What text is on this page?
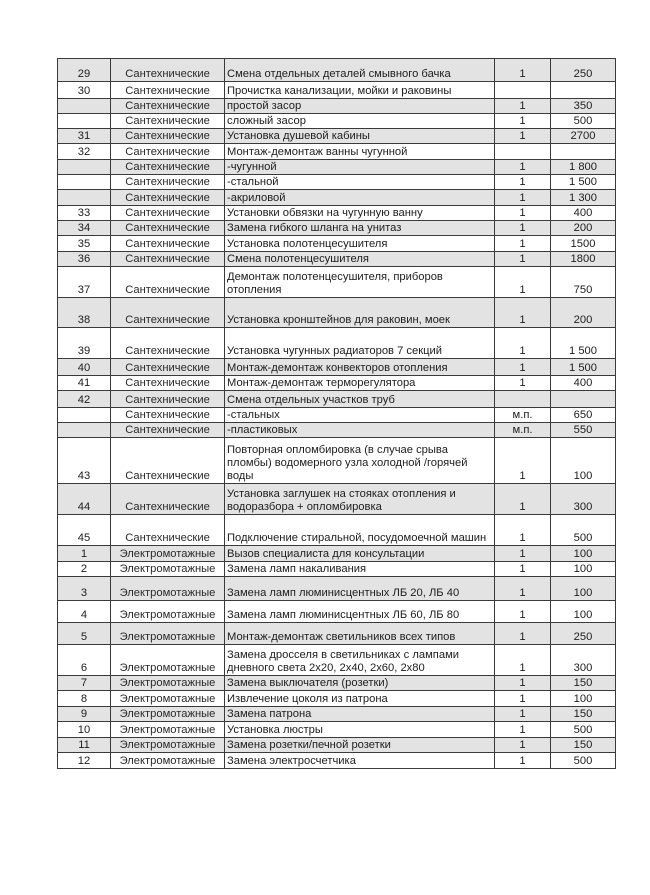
29	Сантехнические	Смена отдельных деталей смывного бачка	1	250
30	Сантехнические	Прочистка канализации, мойки и раковины		
	Сантехнические	простой засор	1	350
	Сантехнические	сложный засор	1	500
31	Сантехнические	Установка душевой кабины	1	2700
32	Сантехнические	Монтаж-демонтаж ванны чугунной		
	Сантехнические	-чугунной	1	1 800
	Сантехнические	-стальной	1	1 500
	Сантехнические	-акриловой	1	1 300
33	Сантехнические	Установки обвязки на чугунную ванну	1	400
34	Сантехнические	Замена гибкого шланга на унитаз	1	200
35	Сантехнические	Установка полотенцесушителя	1	1500
36	Сантехнические	Смена полотенцесушителя	1	1800
37	Сантехнические	Демонтаж полотенцесушителя, приборов отопления	1	750
38	Сантехнические	Установка кронштейнов для раковин, моек	1	200
39	Сантехнические	Установка чугунных радиаторов 7 секций	1	1 500
40	Сантехнические	Монтаж-демонтаж конвекторов отопления	1	1 500
41	Сантехнические	Монтаж-демонтаж терморегулятора	1	400
42	Сантехнические	Смена отдельных участков труб		
	Сантехнические	-стальных	м.п.	650
	Сантехнические	-пластиковых	м.п.	550
43	Сантехнические	Повторная опломбировка (в случае срыва пломбы) водомерного узла холодной /горячей воды	1	100
44	Сантехнические	Установка заглушек на стояках отопления и водоразбора + опломбировка	1	300
45	Сантехнические	Подключение стиральной, посудомоечной машин	1	500
1	Электромотажные	Вызов специалиста для консультации	1	100
2	Электромотажные	Замена ламп накаливания	1	100
3	Электромотажные	Замена ламп люминисцентных ЛБ 20, ЛБ 40	1	100
4	Электромотажные	Замена ламп люминисцентных ЛБ 60, ЛБ 80	1	100
5	Электромотажные	Монтаж-демонтаж светильников всех типов	1	250
6	Электромотажные	Замена дросселя в светильниках с лампами дневного света 2х20, 2х40, 2х60, 2х80	1	300
7	Электромотажные	Замена выключателя (розетки)	1	150
8	Электромотажные	Извлечение цоколя из патрона	1	100
9	Электромотажные	Замена патрона	1	150
10	Электромотажные	Установка люстры	1	500
11	Электромотажные	Замена розетки/печной розетки	1	150
12	Электромотажные	Замена электросчетчика	1	500
